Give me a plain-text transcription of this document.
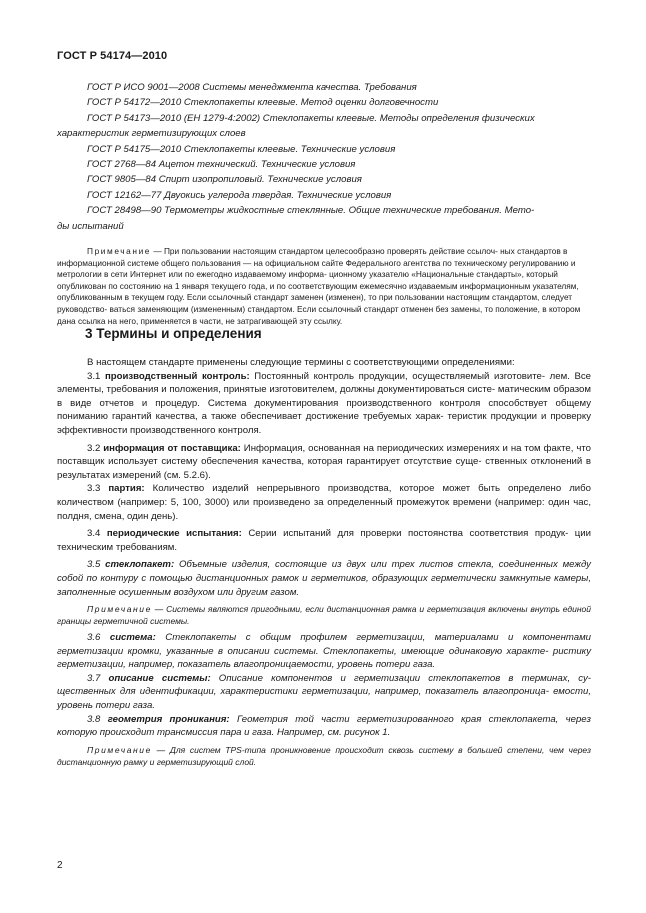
ГОСТ Р 54174—2010

ГОСТ Р ИСО 9001—2008 Системы менеджмента качества. Требования

ГОСТ Р 54172—2010 Стеклопакеты клеевые. Метод оценки долговечности

ГОСТ Р 54173—2010 (ЕН 1279-4:2002) Стеклопакеты клеевые. Методы определения физических

характеристик герметизирующих слоев

ГОСТ Р 54175—2010 Стеклопакеты клеевые. Технические условия

ГОСТ 2768—84 Ацетон технический. Технические условия

ГОСТ 9805—84 Спирт изопропиловый. Технические условия

ГОСТ 12162—77 Двуокись углерода твердая. Технические условия

ГОСТ 28498—90 Термометры жидкостные стеклянные. Общие технические требования. Мето-

ды испытаний

Примечание — При пользовании настоящим стандартом целесообразно проверять действие ссылоч- ных стандартов в информационной системе общего пользования — на официальном сайте Федерального агентства по техническому регулированию и метрологии в сети Интернет или по ежегодно издаваемому информа- ционному указателю «Национальные стандарты», который опубликован по состоянию на 1 января текущего года, и по соответствующим ежемесячно издаваемым информационным указателям, опубликованным в текущем году. Если ссылочный стандарт заменен (изменен), то при пользовании настоящим стандартом, следует руководство- ваться заменяющим (измененным) стандартом. Если ссылочный стандарт отменен без замены, то положение, в котором дана ссылка на него, применяется в части, не затрагивающей эту ссылку.

3 Термины и определения

В настоящем стандарте применены следующие термины с соответствующими определениями:

3.1 производственный контроль: Постоянный контроль продукции, осуществляемый изготовите- лем. Все элементы, требования и положения, принятые изготовителем, должны документироваться систе- матическим образом в виде отчетов и процедур. Система документирования производственного контроля способствует общему пониманию гарантий качества, а также обеспечивает достижение требуемых харак- теристик продукции и проверку эффективности производственного контроля.

3.2 информация от поставщика: Информация, основанная на периодических измерениях и на том факте, что поставщик использует систему обеспечения качества, которая гарантирует отсутствие суще- ственных отклонений в результатах измерений (см. 5.2.6).

3.3 партия: Количество изделий непрерывного производства, которое может быть определено либо количеством (например: 5, 100, 3000) или произведено за определенный промежуток времени (например: один час, полдня, смена, один день).

3.4 периодические испытания: Серии испытаний для проверки постоянства соответствия продук- ции техническим требованиям.

3.5 стеклопакет: Объемные изделия, состоящие из двух или трех листов стекла, соединенных между собой по контуру с помощью дистанционных рамок и герметиков, образующих герметически замкнутые камеры, заполненные осушенным воздухом или другим газом.

Примечание — Системы являются пригодными, если дистанционная рамка и герметизация включены внутрь единой границы герметичной системы.

3.6 система: Стеклопакеты с общим профилем герметизации, материалами и компонентами герметизации кромки, указанные в описании системы. Стеклопакеты, имеющие одинаковую характе- ристику герметизации, например, показатель влагопроницаемости, уровень потери газа.

3.7 описание системы: Описание компонентов и герметизации стеклопакетов в терминах, су- щественных для идентификации, характеристики герметизации, например, показатель влагопроница- емости, уровень потери газа.

3.8 геометрия проникания: Геометрия той части герметизированного края стеклопакета, через которую происходит трансмиссия пара и газа. Например, см. рисунок 1.

Примечание — Для систем TPS-типа проникновение происходит сквозь систему в большей степени, чем через дистанционную рамку и герметизирующий слой.

2
